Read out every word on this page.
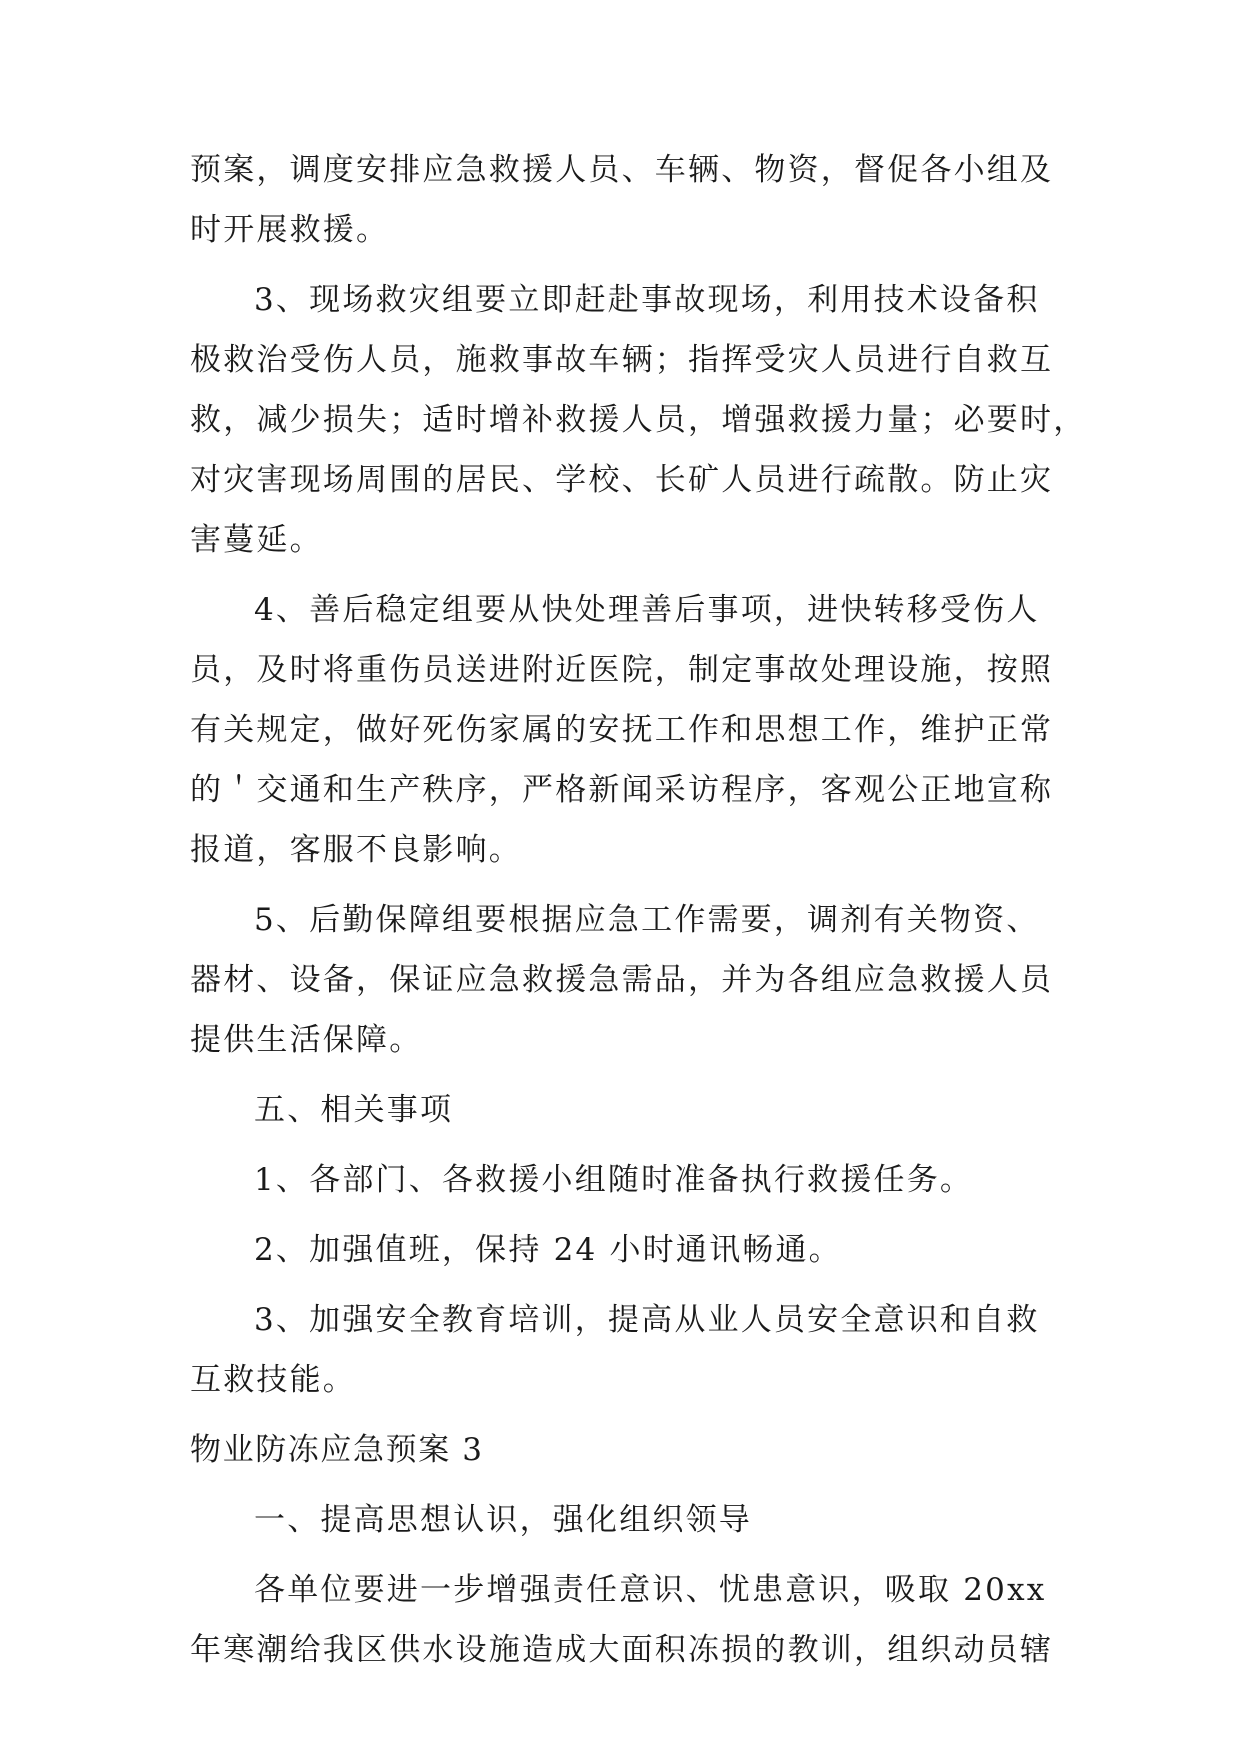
预案，调度安排应急救援人员、车辆、物资，督促各小组及
时开展救援。
3、现场救灾组要立即赶赴事故现场，利用技术设备积
极救治受伤人员，施救事故车辆；指挥受灾人员进行自救互
救，减少损失；适时增补救援人员，增强救援力量；必要时，
对灾害现场周围的居民、学校、长矿人员进行疏散。防止灾
害蔓延。
4、善后稳定组要从快处理善后事项，进快转移受伤人
员，及时将重伤员送进附近医院，制定事故处理设施，按照
有关规定，做好死伤家属的安抚工作和思想工作，维护正常
的＇交通和生产秩序，严格新闻采访程序，客观公正地宣称
报道，客服不良影响。
5、后勤保障组要根据应急工作需要，调剂有关物资、
器材、设备，保证应急救援急需品，并为各组应急救援人员
提供生活保障。
五、相关事项
1、各部门、各救援小组随时准备执行救援任务。
2、加强值班，保持 24 小时通讯畅通。
3、加强安全教育培训，提高从业人员安全意识和自救
互救技能。
物业防冻应急预案 3
一、提高思想认识，强化组织领导
各单位要进一步增强责任意识、忧患意识，吸取 20xx
年寒潮给我区供水设施造成大面积冻损的教训，组织动员辖
